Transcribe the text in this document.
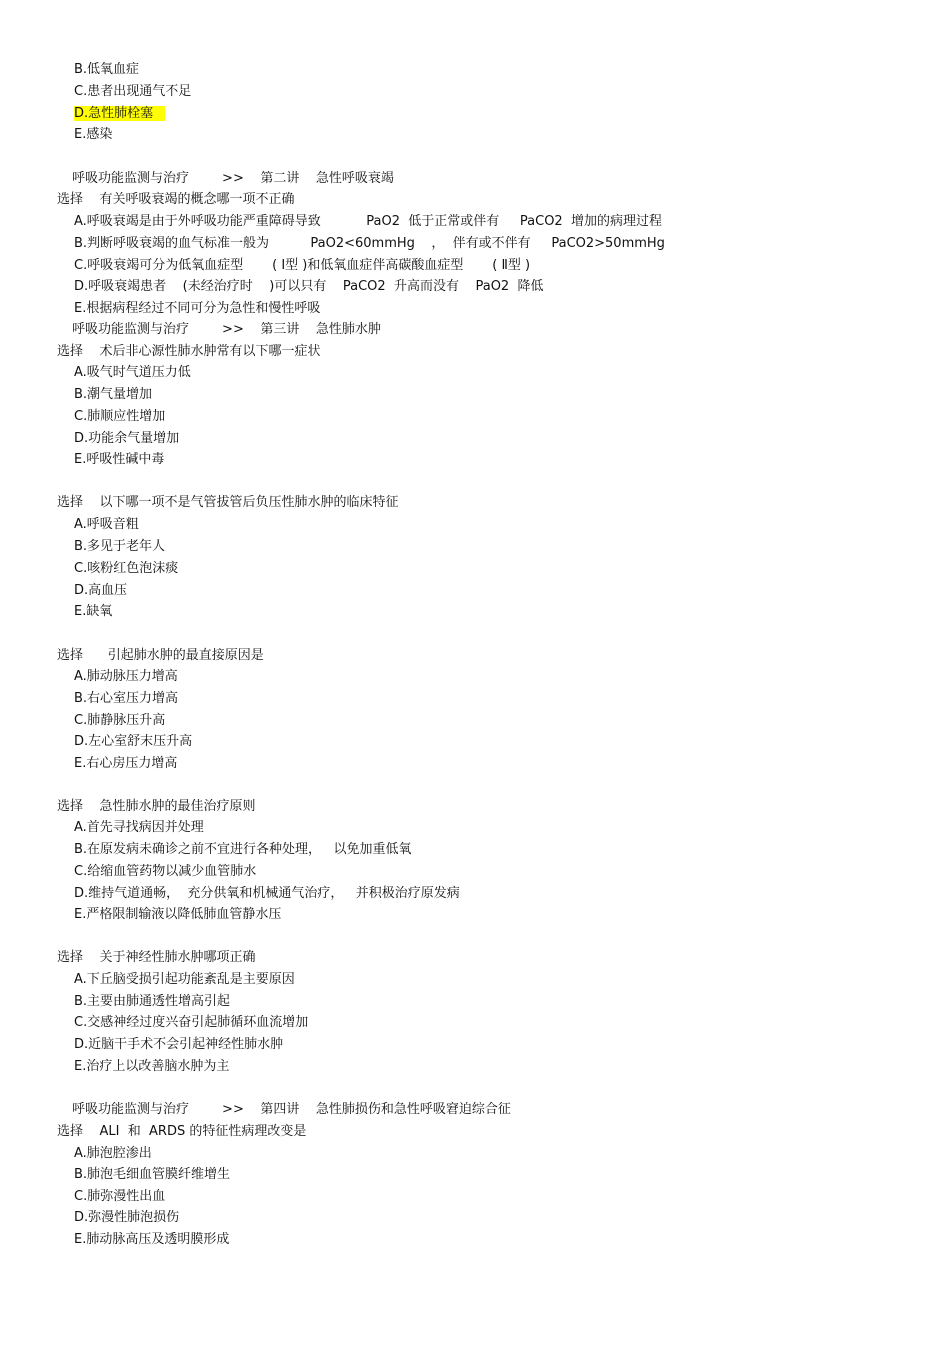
B.低氧血症
C.患者出现通气不足
D.急性肺栓塞
E.感染
呼吸功能监测与治疗        >>    第二讲    急性呼吸衰竭
选择    有关呼吸衰竭的概念哪一项不正确
A.呼吸衰竭是由于外呼吸功能严重障碍导致           PaO2  低于正常或伴有     PaCO2  增加的病理过程
B.判断呼吸衰竭的血气标准一般为          PaO2<60mmHg    ，  伴有或不伴有     PaCO2>50mmHg
C.呼吸衰竭可分为低氧血症型       ( Ⅰ型 )和低氧血症伴高碳酸血症型       ( Ⅱ型 )
D.呼吸衰竭患者    (未经治疗时    )可以只有    PaCO2  升高而没有    PaO2  降低
E.根据病程经过不同可分为急性和慢性呼吸
呼吸功能监测与治疗        >>    第三讲    急性肺水肿
选择    术后非心源性肺水肿常有以下哪一症状
A.吸气时气道压力低
B.潮气量增加
C.肺顺应性增加
D.功能余气量增加
E.呼吸性碱中毒
选择    以下哪一项不是气管拔管后负压性肺水肿的临床特征
A.呼吸音粗
B.多见于老年人
C.咳粉红色泡沫痰
D.高血压
E.缺氧
选择      引起肺水肿的最直接原因是
A.肺动脉压力增高
B.右心室压力增高
C.肺静脉压升高
D.左心室舒末压升高
E.右心房压力增高
选择    急性肺水肿的最佳治疗原则
A.首先寻找病因并处理
B.在原发病未确诊之前不宜进行各种处理，   以免加重低氧
C.给缩血管药物以减少血管肺水
D.维持气道通畅，  充分供氧和机械通气治疗，   并积极治疗原发病
E.严格限制输液以降低肺血管静水压
选择    关于神经性肺水肿哪项正确
A.下丘脑受损引起功能紊乱是主要原因
B.主要由肺通透性增高引起
C.交感神经过度兴奋引起肺循环血流增加
D.近脑干手术不会引起神经性肺水肿
E.治疗上以改善脑水肿为主
呼吸功能监测与治疗        >>    第四讲    急性肺损伤和急性呼吸窘迫综合征
选择    ALI  和  ARDS 的特征性病理改变是
A.肺泡腔渗出
B.肺泡毛细血管膜纤维增生
C.肺弥漫性出血
D.弥漫性肺泡损伤
E.肺动脉高压及透明膜形成
